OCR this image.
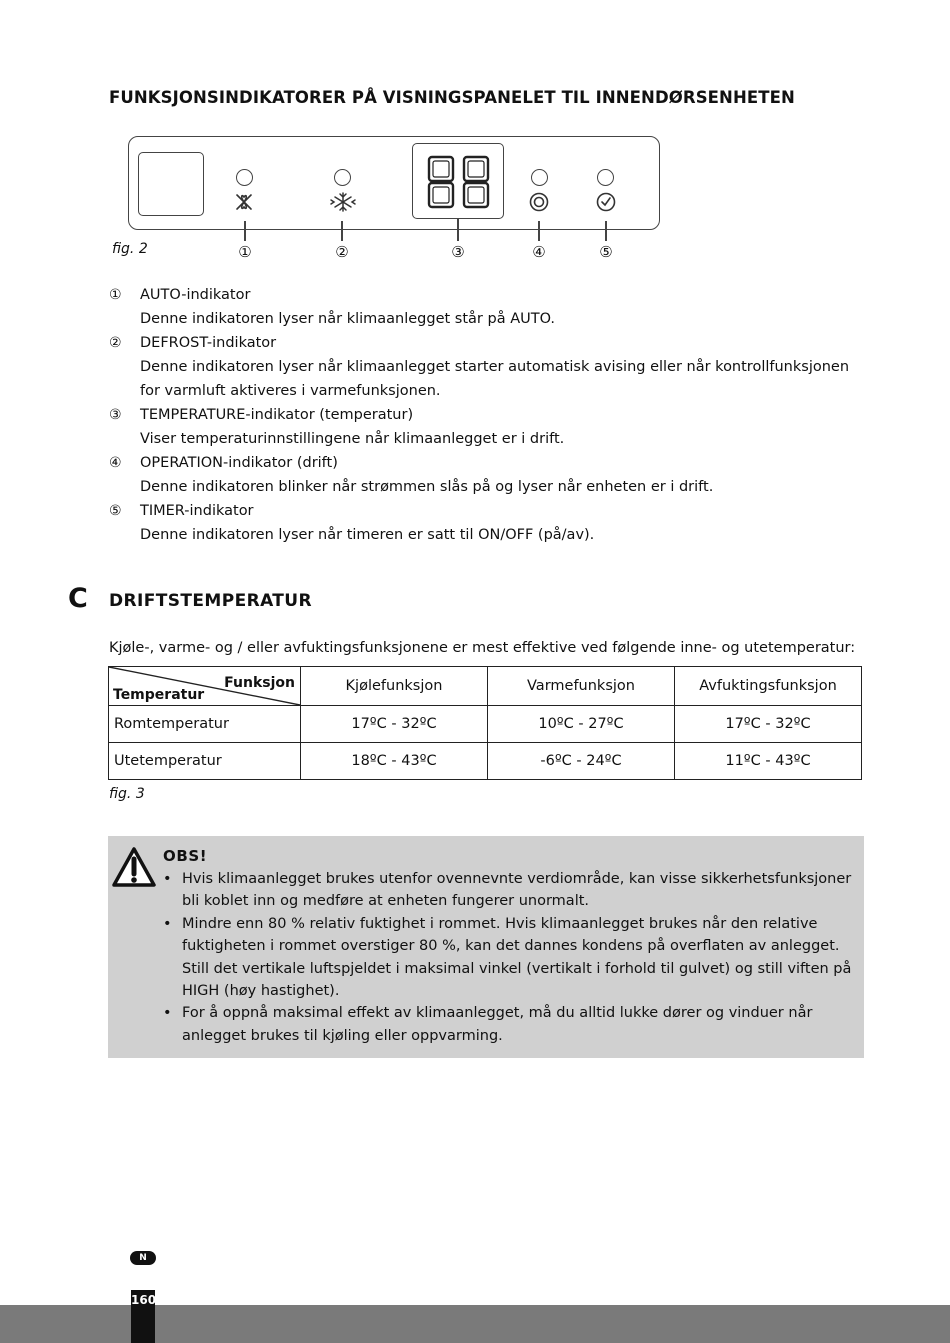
FUNKSJONSINDIKATORER PÅ VISNINGSPANELET TIL INNENDØRSENHETEN
fig. 2	①	②	③	④	⑤
①	AUTO-indikator
Denne indikatoren lyser når klimaanlegget står på AUTO.
②	DEFROST-indikator
Denne indikatoren lyser når klimaanlegget starter automatisk avising eller når kontrollfunksjonen for varmluft aktiveres i varmefunksjonen.
③	TEMPERATURE-indikator (temperatur)
Viser temperaturinnstillingene når klimaanlegget er i drift.
④	OPERATION-indikator (drift)
Denne indikatoren blinker når strømmen slås på og lyser når enheten er i drift.
⑤	TIMER-indikator
Denne indikatoren lyser når timeren er satt til ON/OFF (på/av).
C DRIFTSTEMPERATUR
Kjøle-, varme- og / eller avfuktingsfunksjonene er mest effektive ved følgende inne- og utetemperatur:
Funksjon
Temperatur	Kjølefunksjon	Varmefunksjon	Avfuktingsfunksjon
Romtemperatur	17ºC - 32ºC	10ºC - 27ºC	17ºC - 32ºC
Utetemperatur	18ºC - 43ºC	-6ºC - 24ºC	11ºC - 43ºC
fig. 3
OBS!
• Hvis klimaanlegget brukes utenfor ovennevnte verdiområde, kan visse sikkerhetsfunksjoner bli koblet inn og medføre at enheten fungerer unormalt.
• Mindre enn 80 % relativ fuktighet i rommet. Hvis klimaanlegget brukes når den relative fuktigheten i rommet overstiger 80 %, kan det dannes kondens på overflaten av anlegget. Still det vertikale luftspjeldet i maksimal vinkel (vertikalt i forhold til gulvet) og still viften på HIGH (høy hastighet).
• For å oppnå maksimal effekt av klimaanlegget, må du alltid lukke dører og vinduer når anlegget brukes til kjøling eller oppvarming.
N
160
